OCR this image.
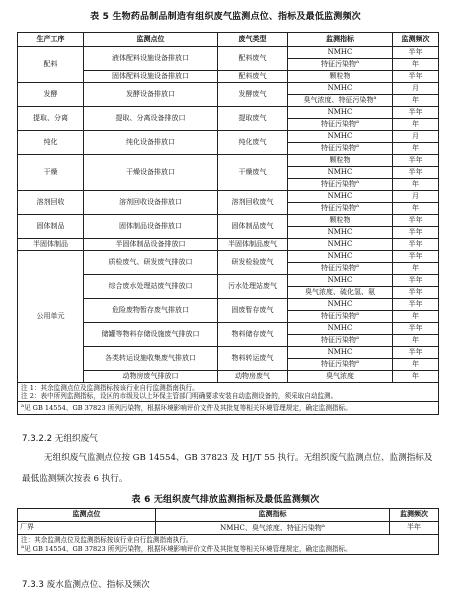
表 5 生物药品制品制造有组织废气监测点位、指标及最低监测频次
生产工序	监测点位	废气类型	监测指标	监测频次
配料	液体配料设施设备排放口	配料废气	NMHC	半年
			特征污染物$^a$	年
	固体配料设施设备排放口	配料废气	颗粒物	半年
发酵	发酵设备排放口	发酵废气	NMHC	月
			臭气浓度、特征污染物$^a$	年
提取、分离	提取、分离设备排放口	提取废气	NMHC	半年
			特征污染物$^a$	年
纯化	纯化设备排放口	纯化废气	NMHC	月
			特征污染物$^a$	年
干燥	干燥设备排放口	干燥废气	颗粒物	半年
			NMHC	半年
			特征污染物$^a$	年
溶剂回收	溶剂回收设备排放口	溶剂回收废气	NMHC	月
			特征污染物$^a$	年
固体制品	固体制品设备排放口	固体制品废气	颗粒物	半年
			NMHC	半年
半固体制品	半固体制品设备排放口	半固体制品废气	NMHC	半年
公用单元	质检废气、研发废气排放口	研发检验废气	NMHC	半年
			特征污染物$^a$	年
	综合废水处理站废气排放口	污水处理站废气	NMHC	半年
			臭气浓度、硫化氢、氨	半年
	危险废物暂存废气排放口	固废暂存废气	NMHC	半年
			特征污染物$^a$	年
	储罐等物料存储设施废气排放口	物料储存废气	NMHC	半年
			特征污染物$^a$	年
	各类转运设施收集废气排放口	物料转运废气	NMHC	半年
			特征污染物$^a$	年
	动物房废气排放口	动物房废气	臭气浓度	年

注 1：其余监测点位及监测指标按该行业自行监测指南执行。
注 2：表中所列监测指标，设区的市级及以上环保主管部门明确要求安装自动监测设备的，须采取自动监测。				

$^a$见 GB 14554、GB 37823 所列污染物，根据环境影响评价文件及其批复等相关环境管理规定，确定监测指标。				
7.3.2.2 无组织废气
无组织废气监测点位按 GB 14554、GB 37823 及 HJ/T 55 执行。无组织废气监测点位、监测指标及最低监测频次按表 6 执行。
表 6 无组织废气排放监测指标及最低监测频次
监测点位	监测指标	监测频次
厂界	NMHC、臭气浓度、特征污染物$^a$	半年

注：其余监测点位及监测指标按该行业自行监测指南执行。
$^a$见 GB 14554、GB 37823 所列污染物，根据环境影响评价文件及其批复等相关环境管理规定，确定监测指标。		
7.3.3 废水监测点位、指标及频次
